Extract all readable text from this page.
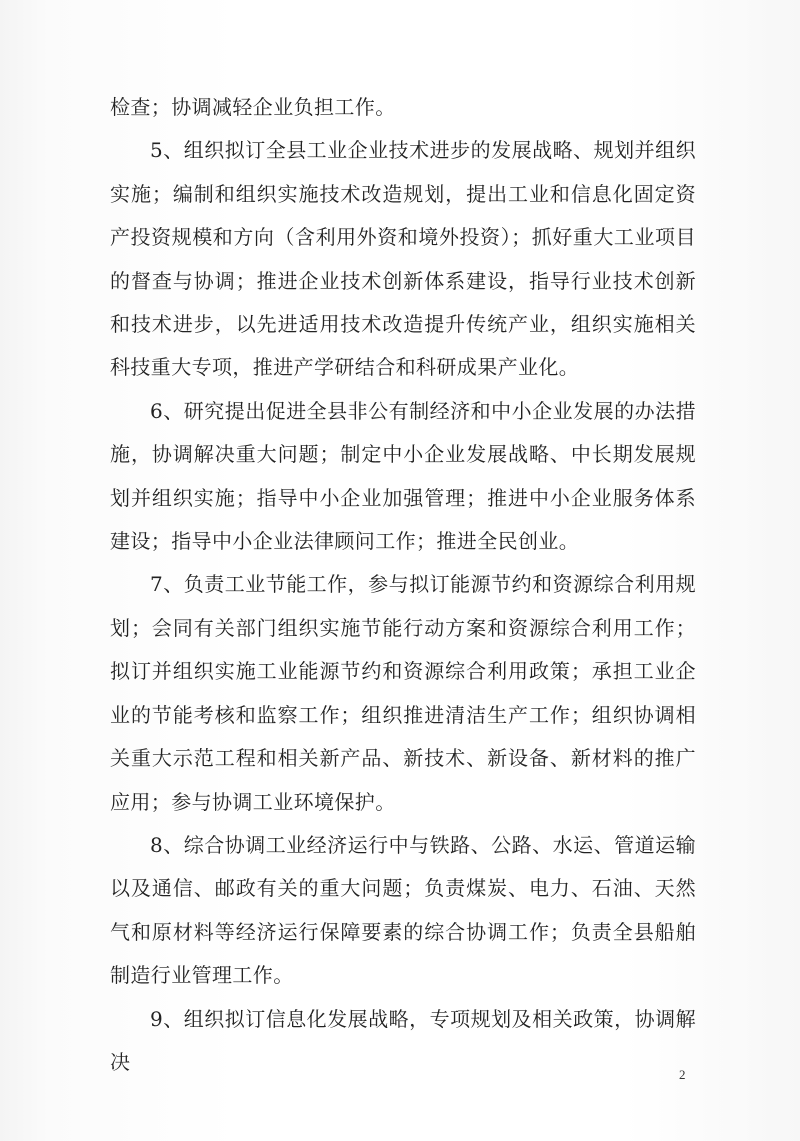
检查；协调减轻企业负担工作。

5、组织拟订全县工业企业技术进步的发展战略、规划并组织实施；编制和组织实施技术改造规划，提出工业和信息化固定资产投资规模和方向（含利用外资和境外投资）；抓好重大工业项目的督查与协调；推进企业技术创新体系建设，指导行业技术创新和技术进步，以先进适用技术改造提升传统产业，组织实施相关科技重大专项，推进产学研结合和科研成果产业化。

6、研究提出促进全县非公有制经济和中小企业发展的办法措施，协调解决重大问题；制定中小企业发展战略、中长期发展规划并组织实施；指导中小企业加强管理；推进中小企业服务体系建设；指导中小企业法律顾问工作；推进全民创业。

7、负责工业节能工作，参与拟订能源节约和资源综合利用规划；会同有关部门组织实施节能行动方案和资源综合利用工作；拟订并组织实施工业能源节约和资源综合利用政策；承担工业企业的节能考核和监察工作；组织推进清洁生产工作；组织协调相关重大示范工程和相关新产品、新技术、新设备、新材料的推广应用；参与协调工业环境保护。

8、综合协调工业经济运行中与铁路、公路、水运、管道运输以及通信、邮政有关的重大问题；负责煤炭、电力、石油、天然气和原材料等经济运行保障要素的综合协调工作；负责全县船舶制造行业管理工作。

9、组织拟订信息化发展战略，专项规划及相关政策，协调解决

2
